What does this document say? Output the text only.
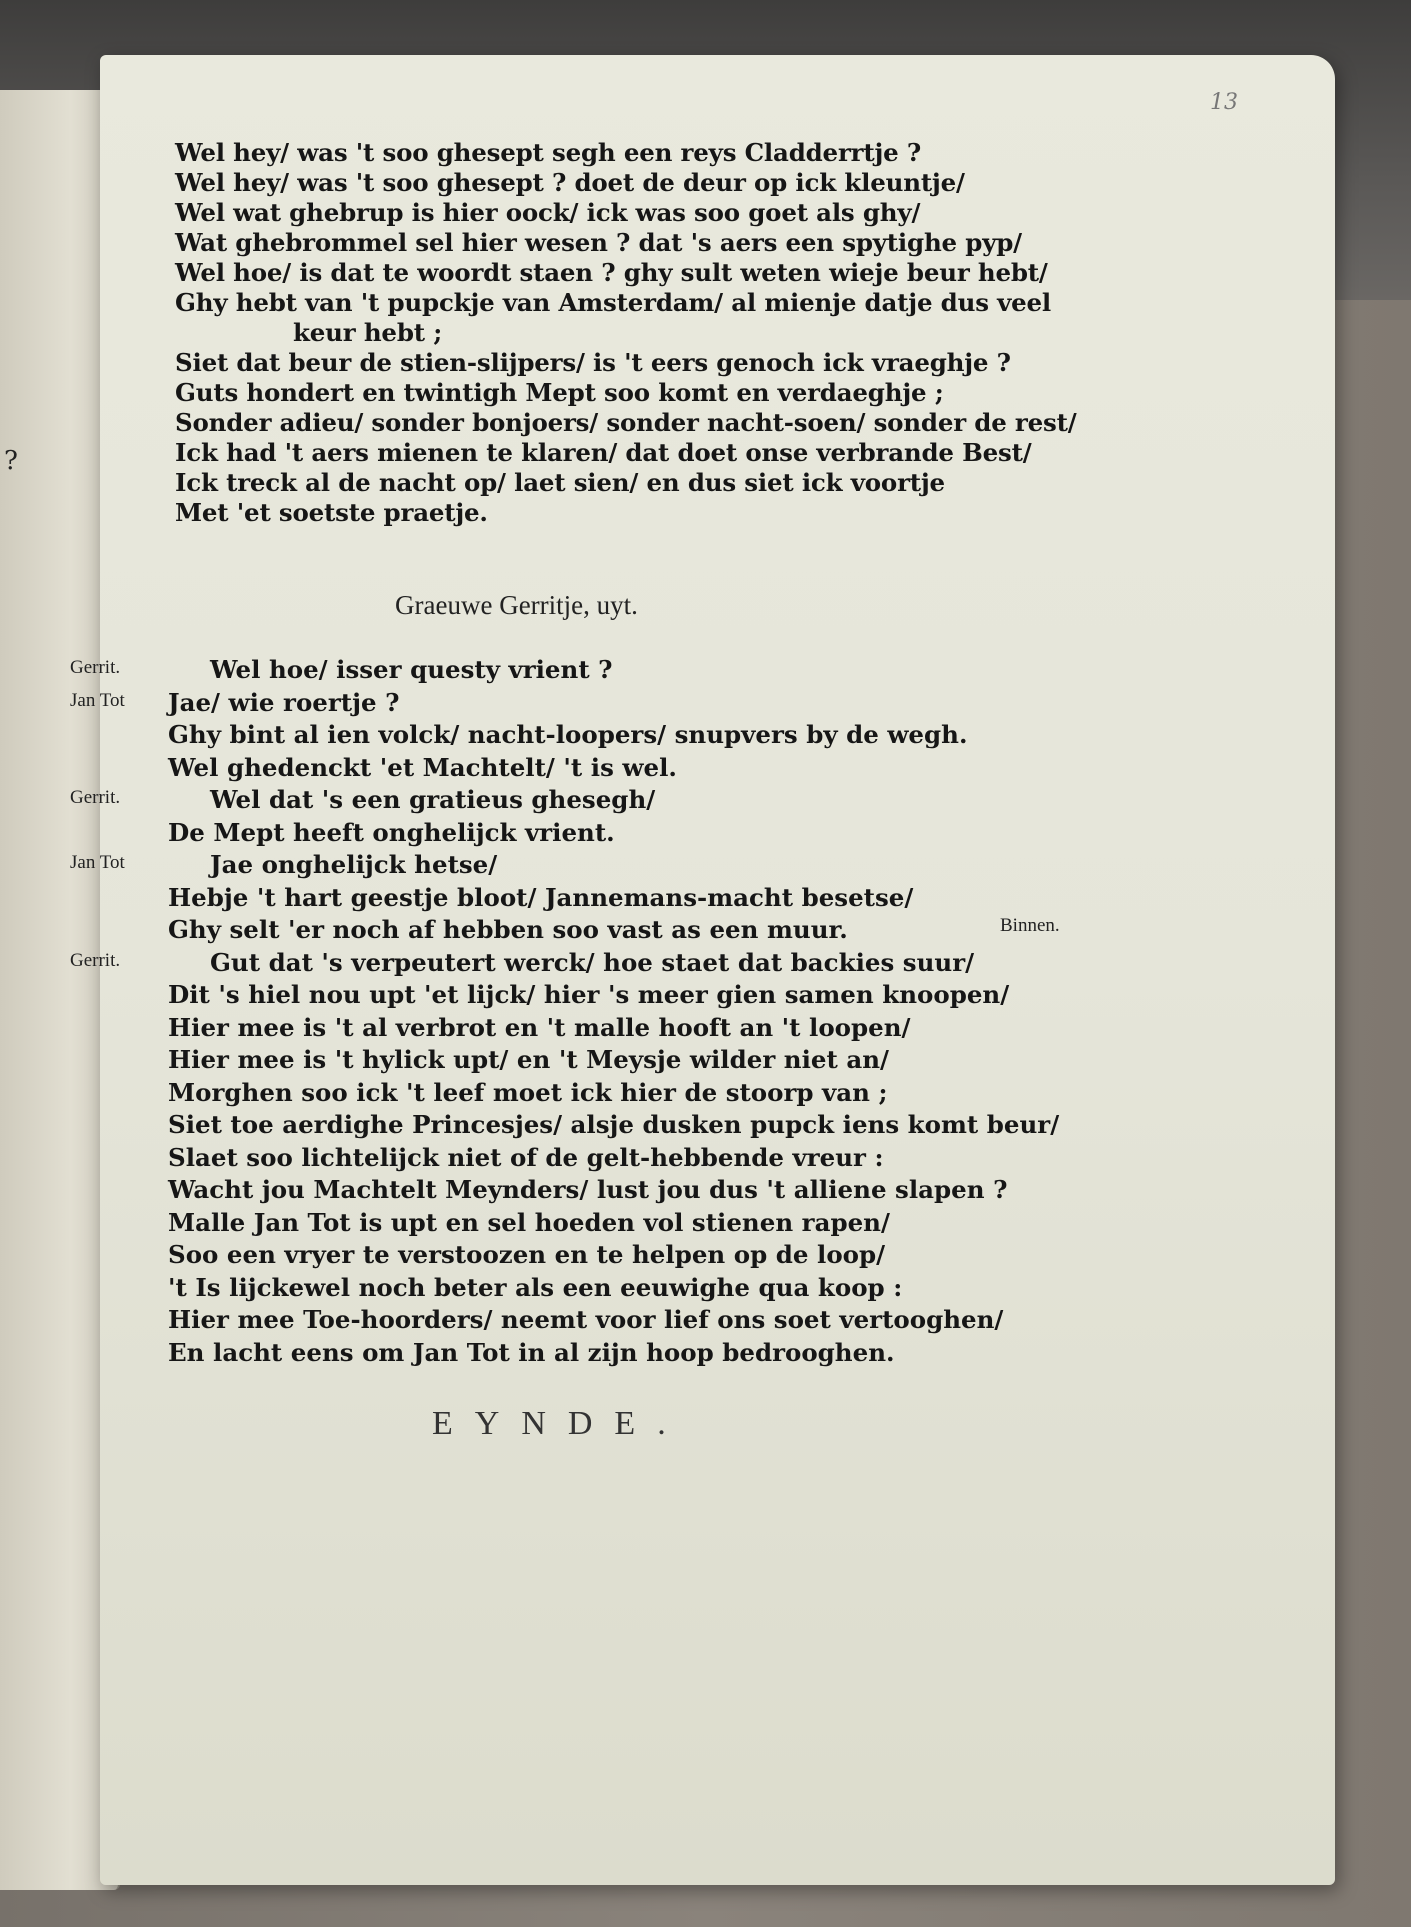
?
13
Wel hey/ was 't soo ghesept segh een reys Cladderrtje ?
Wel hey/ was 't soo ghesept ? doet de deur op ick kleuntje/
Wel wat ghebrup is hier oock/ ick was soo goet als ghy/
Wat ghebrommel sel hier wesen ? dat 's aers een spytighe pyp/
Wel hoe/ is dat te woordt staen ? ghy sult weten wieje beur hebt/
Ghy hebt van 't pupckje van Amsterdam/ al mienje datje dus veel
keur hebt ;
Siet dat beur de stien-slijpers/ is 't eers genoch ick vraeghje ?
Guts hondert en twintigh Mept soo komt en verdaeghje ;
Sonder adieu/ sonder bonjoers/ sonder nacht-soen/ sonder de rest/
Ick had 't aers mienen te klaren/ dat doet onse verbrande Best/
Ick treck al de nacht op/ laet sien/ en dus siet ick voortje
Met 'et soetste praetje.
Graeuwe Gerritje, uyt.
Gerrit.	Wel hoe/ isser questy vrient ?
Jan Tot Jae/ wie roertje ?
Ghy bint al ien volck/ nacht-loopers/ snupvers by de wegh.
Wel ghedenckt 'et Machtelt/ 't is wel.
Gerrit.	Wel dat 's een gratieus ghesegh/
De Mept heeft onghelijck vrient.
Jan Tot	Jae onghelijck hetse/
Hebje 't hart geestje bloot/ Jannemans-macht besetse/
Ghy selt 'er noch af hebben soo vast as een muur.	Binnen.
Gerrit.	Gut dat 's verpeutert werck/ hoe staet dat backies suur/
Dit 's hiel nou upt 'et lijck/ hier 's meer gien samen knoopen/
Hier mee is 't al verbrot en 't malle hooft an 't loopen/
Hier mee is 't hylick upt/ en 't Meysje wilder niet an/
Morghen soo ick 't leef moet ick hier de stoorp van ;
Siet toe aerdighe Princesjes/ alsje dusken pupck iens komt beur/
Slaet soo lichtelijck niet of de gelt-hebbende vreur :
Wacht jou Machtelt Meynders/ lust jou dus 't alliene slapen ?
Malle Jan Tot is upt en sel hoeden vol stienen rapen/
Soo een vryer te verstoozen en te helpen op de loop/
't Is lijckewel noch beter als een eeuwighe qua koop :
Hier mee Toe-hoorders/ neemt voor lief ons soet vertooghen/
En lacht eens om Jan Tot in al zijn hoop bedrooghen.
EYNDE.
